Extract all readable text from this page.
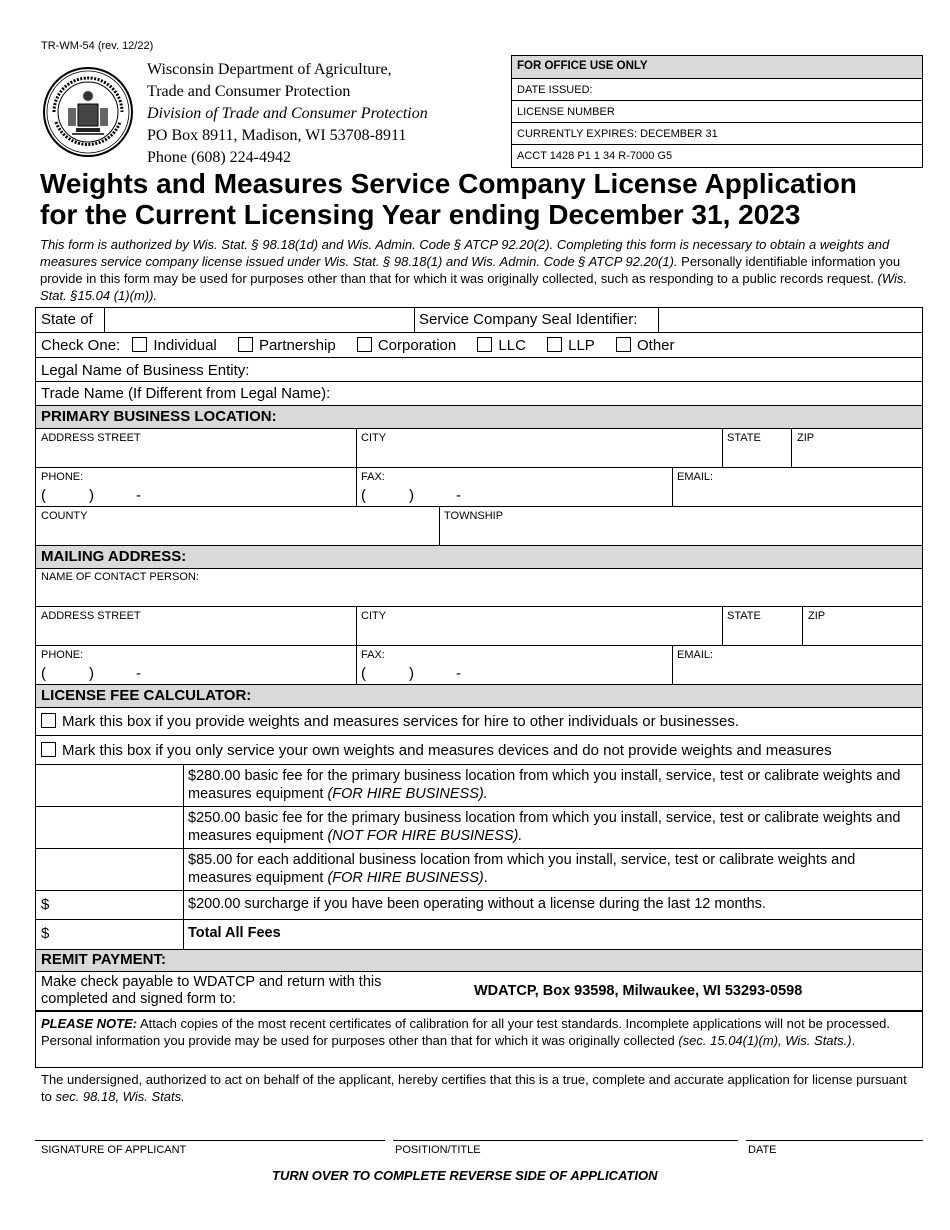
TR-WM-54 (rev. 12/22)
Wisconsin Department of Agriculture,
Trade and Consumer Protection
Division of Trade and Consumer Protection
PO Box 8911, Madison, WI 53708-8911
Phone (608) 224-4942
FOR OFFICE USE ONLY
DATE ISSUED:
LICENSE NUMBER
CURRENTLY EXPIRES: DECEMBER 31
ACCT 1428 P1 1 34 R-7000 G5
Weights and Measures Service Company License Application
for the Current Licensing Year ending December 31, 2023
This form is authorized by Wis. Stat. § 98.18(1d) and Wis. Admin. Code § ATCP 92.20(2). Completing this form is necessary to obtain a weights and measures service company license issued under Wis. Stat. § 98.18(1) and Wis. Admin. Code § ATCP 92.20(1). Personally identifiable information you provide in this form may be used for purposes other than that for which it was originally collected, such as responding to a public records request. (Wis. Stat. §15.04 (1)(m)).
State of	Service Company Seal Identifier:
Check One: Individual	Partnership	Corporation	LLC	LLP	Other
Legal Name of Business Entity:
Trade Name (If Different from Legal Name):
PRIMARY BUSINESS LOCATION:
ADDRESS STREET	CITY	STATE	ZIP
PHONE:
(	)	-
FAX:
(	)	-
EMAIL:
COUNTY	TOWNSHIP
MAILING ADDRESS:
NAME OF CONTACT PERSON:
ADDRESS STREET	CITY	STATE	ZIP
PHONE:
(	)	-
FAX:
(	)	-
EMAIL:
LICENSE FEE CALCULATOR:
Mark this box if you provide weights and measures services for hire to other individuals or businesses.
Mark this box if you only service your own weights and measures devices and do not provide weights and measures
$280.00 basic fee for the primary business location from which you install, service, test or calibrate weights and measures equipment (FOR HIRE BUSINESS).
$250.00 basic fee for the primary business location from which you install, service, test or calibrate weights and measures equipment (NOT FOR HIRE BUSINESS).
$85.00 for each additional business location from which you install, service, test or calibrate weights and measures equipment (FOR HIRE BUSINESS).
$	$200.00 surcharge if you have been operating without a license during the last 12 months.
$	Total All Fees
REMIT PAYMENT:
Make check payable to WDATCP and return with this completed and signed form to:	WDATCP, Box 93598, Milwaukee, WI 53293-0598
PLEASE NOTE: Attach copies of the most recent certificates of calibration for all your test standards. Incomplete applications will not be processed. Personal information you provide may be used for purposes other than that for which it was originally collected (sec. 15.04(1)(m), Wis. Stats.).
The undersigned, authorized to act on behalf of the applicant, hereby certifies that this is a true, complete and accurate application for license pursuant to sec. 98.18, Wis. Stats.
SIGNATURE OF APPLICANT	POSITION/TITLE	DATE
TURN OVER TO COMPLETE REVERSE SIDE OF APPLICATION
